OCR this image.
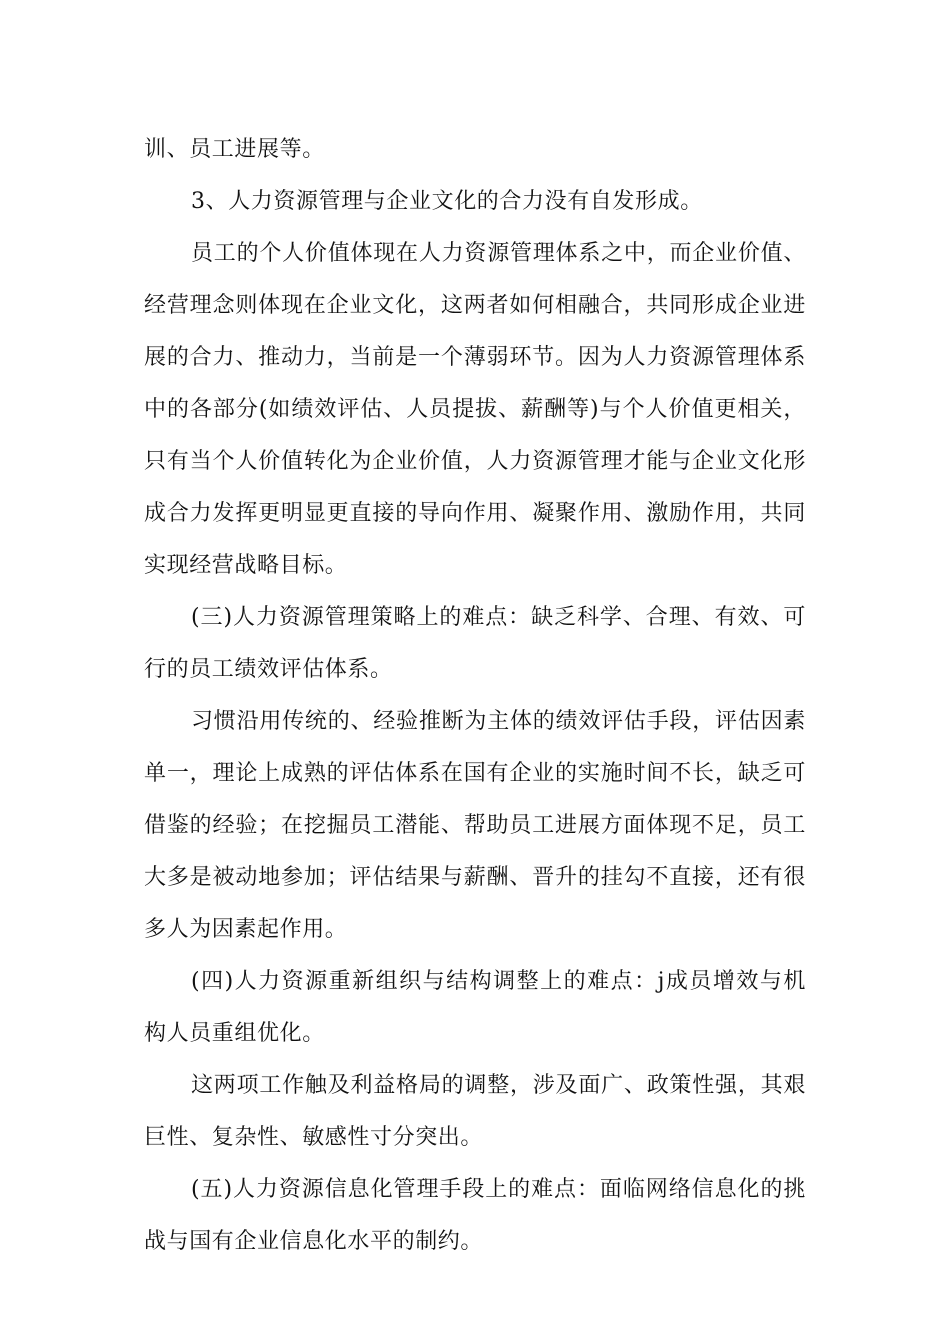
训、员工进展等。
3、人力资源管理与企业文化的合力没有自发形成。
员工的个人价值体现在人力资源管理体系之中，而企业价值、
经营理念则体现在企业文化，这两者如何相融合，共同形成企业进
展的合力、推动力，当前是一个薄弱环节。因为人力资源管理体系
中的各部分(如绩效评估、人员提拔、薪酬等)与个人价值更相关，
只有当个人价值转化为企业价值，人力资源管理才能与企业文化形
成合力发挥更明显更直接的导向作用、凝聚作用、激励作用，共同
实现经营战略目标。
(三)人力资源管理策略上的难点：缺乏科学、合理、有效、可
行的员工绩效评估体系。
习惯沿用传统的、经验推断为主体的绩效评估手段，评估因素
单一，理论上成熟的评估体系在国有企业的实施时间不长，缺乏可
借鉴的经验；在挖掘员工潜能、帮助员工进展方面体现不足，员工
大多是被动地参加；评估结果与薪酬、晋升的挂勾不直接，还有很
多人为因素起作用。
(四)人力资源重新组织与结构调整上的难点：j成员增效与机
构人员重组优化。
这两项工作触及利益格局的调整，涉及面广、政策性强，其艰
巨性、复杂性、敏感性寸分突出。
(五)人力资源信息化管理手段上的难点：面临网络信息化的挑
战与国有企业信息化水平的制约。
